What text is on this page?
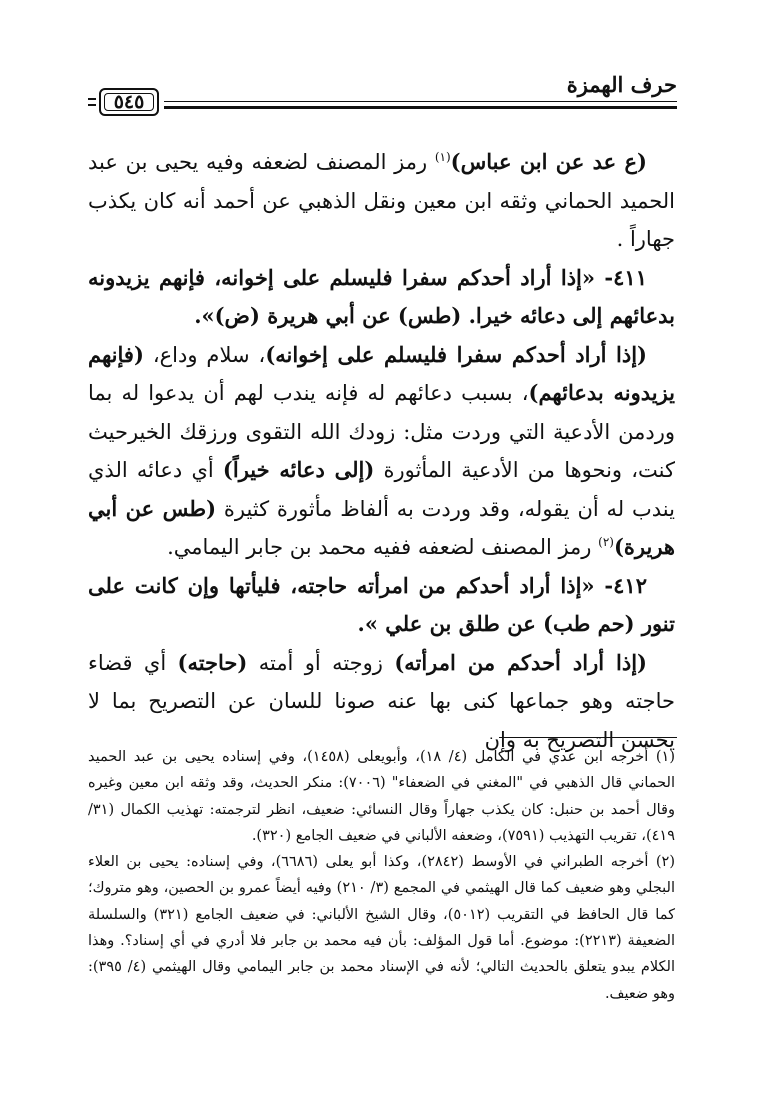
حرف الهمزة
٥٤٥

(ع عد عن ابن عباس)$^{(١)}$ رمز المصنف لضعفه وفيه يحيى بن عبد الحميد الحماني وثقه ابن معين ونقل الذهبي عن أحمد أنه كان يكذب جهاراً .

٤١١- «إذا أراد أحدكم سفرا فليسلم على إخوانه، فإنهم يزيدونه بدعائهم إلى دعائه خيرا. (طس) عن أبي هريرة (ض)».

(إذا أراد أحدكم سفرا فليسلم على إخوانه)، سلام وداع، (فإنهم يزيدونه بدعائهم)، بسبب دعائهم له فإنه يندب لهم أن يدعوا له بما وردمن الأدعية التي وردت مثل: زودك الله التقوى ورزقك الخيرحيث كنت، ونحوها من الأدعية المأثورة (إلى دعائه خيراً) أي دعائه الذي يندب له أن يقوله، وقد وردت به ألفاظ مأثورة كثيرة (طس عن أبي هريرة)$^{(٢)}$ رمز المصنف لضعفه ففيه محمد بن جابر اليمامي.

٤١٢- «إذا أراد أحدكم من امرأته حاجته، فليأتها وإن كانت على تنور (حم طب) عن طلق بن علي ».

(إذا أراد أحدكم من امرأته) زوجته أو أمته (حاجته) أي قضاء حاجته وهو جماعها كنى بها عنه صونا للسان عن التصريح بما لا يحسن التصريح به وإن

(١) أخرجه ابن عدي في الكامل (٤/ ١٨)، وأبويعلى (١٤٥٨)، وفي إسناده يحيى بن عبد الحميد الحماني قال الذهبي في "المغني في الضعفاء" (٧٠٠٦): منكر الحديث، وقد وثقه ابن معين وغيره وقال أحمد بن حنبل: كان يكذب جهاراً وقال النسائي: ضعيف، انظر لترجمته: تهذيب الكمال (٣١/ ٤١٩)، تقريب التهذيب (٧٥٩١)، وضعفه الألباني في ضعيف الجامع (٣٢٠).

(٢) أخرجه الطبراني في الأوسط (٢٨٤٢)، وكذا أبو يعلى (٦٦٨٦)، وفي إسناده: يحيى بن العلاء البجلي وهو ضعيف كما قال الهيثمي في المجمع (٣/ ٢١٠) وفيه أيضاً عمرو بن الحصين، وهو متروك؛ كما قال الحافظ في التقريب (٥٠١٢)، وقال الشيخ الألباني: في ضعيف الجامع (٣٢١) والسلسلة الضعيفة (٢٢١٣): موضوع. أما قول المؤلف: بأن فيه محمد بن جابر فلا أدري في أي إسناد؟. وهذا الكلام يبدو يتعلق بالحديث التالي؛ لأنه في الإسناد محمد بن جابر اليمامي وقال الهيثمي (٤/ ٣٩٥): وهو ضعيف.
